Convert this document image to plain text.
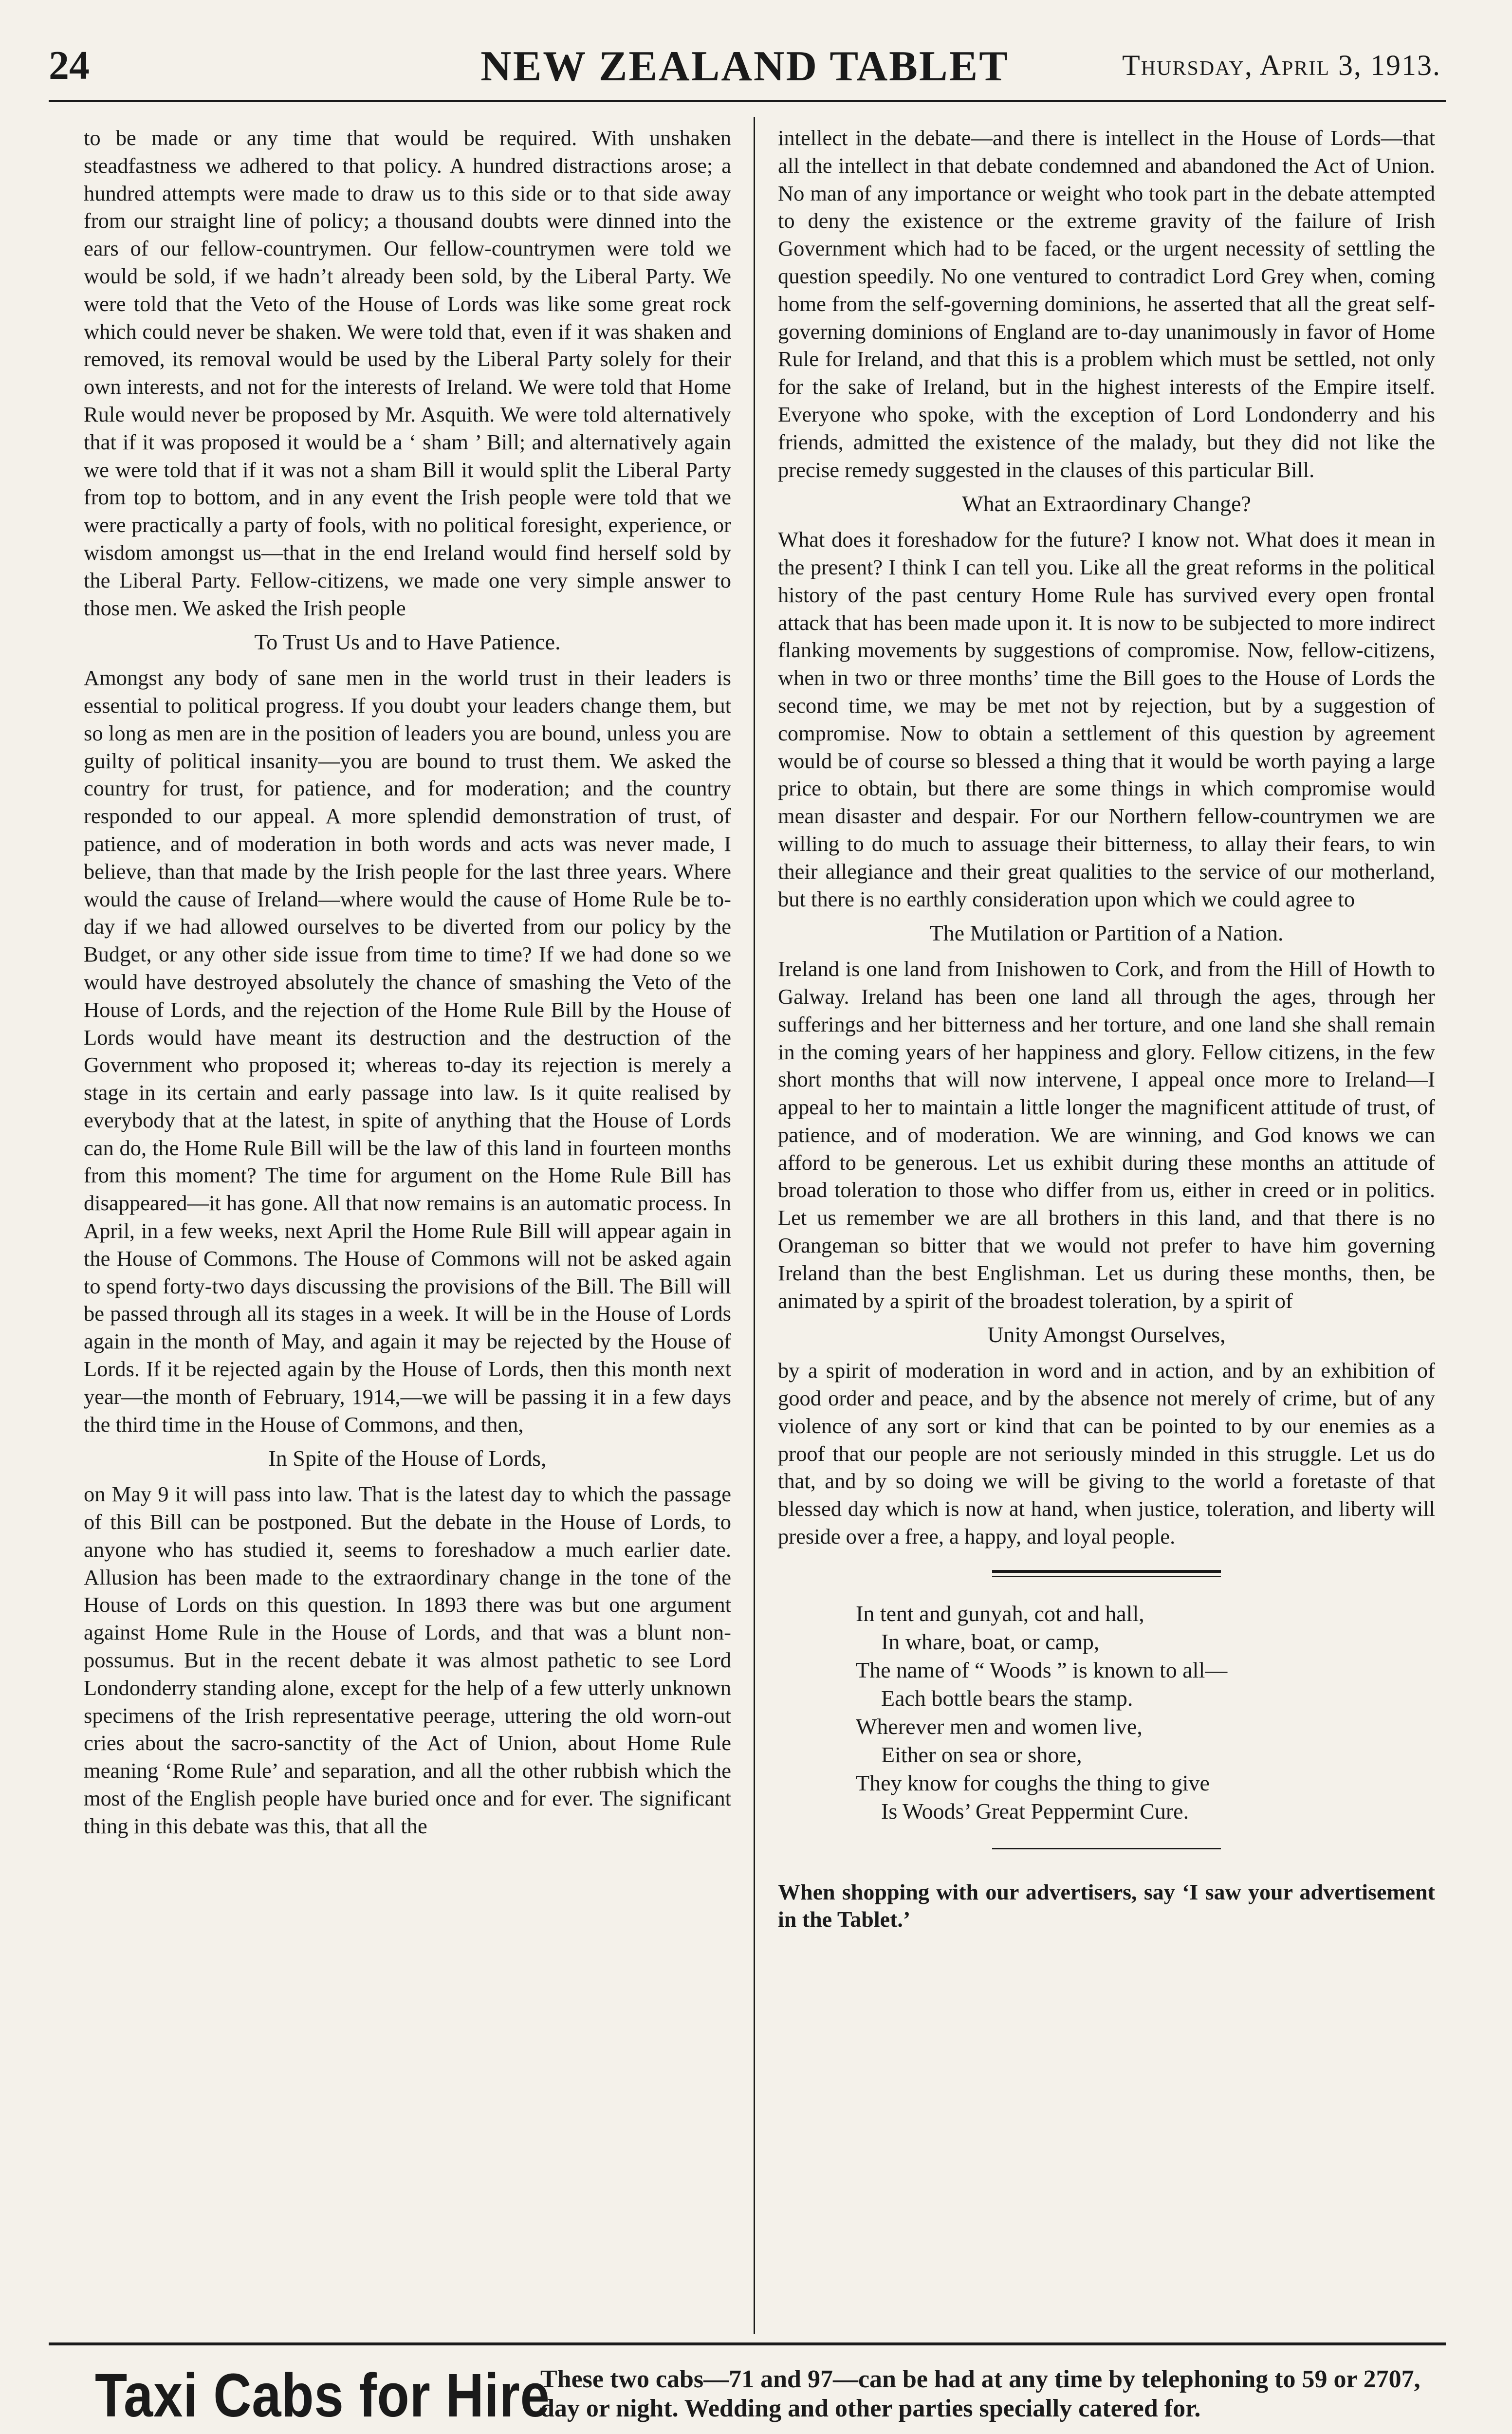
24	NEW ZEALAND TABLET	Thursday, April 3, 1913.

to be made or any time that would be required. With unshaken steadfastness we adhered to that policy. A hundred distractions arose; a hundred attempts were made to draw us to this side or to that side away from our straight line of policy; a thousand doubts were dinned into the ears of our fellow-countrymen. Our fellow-countrymen were told we would be sold, if we hadn’t already been sold, by the Liberal Party. We were told that the Veto of the House of Lords was like some great rock which could never be shaken. We were told that, even if it was shaken and removed, its removal would be used by the Liberal Party solely for their own interests, and not for the interests of Ireland. We were told that Home Rule would never be proposed by Mr. Asquith. We were told alternatively that if it was proposed it would be a ‘ sham ’ Bill; and alternatively again we were told that if it was not a sham Bill it would split the Liberal Party from top to bottom, and in any event the Irish people were told that we were practically a party of fools, with no political foresight, experience, or wisdom amongst us—that in the end Ireland would find herself sold by the Liberal Party. Fellow-citizens, we made one very simple answer to those men. We asked the Irish people

To Trust Us and to Have Patience.

Amongst any body of sane men in the world trust in their leaders is essential to political progress. If you doubt your leaders change them, but so long as men are in the position of leaders you are bound, unless you are guilty of political insanity—you are bound to trust them. We asked the country for trust, for patience, and for moderation; and the country responded to our appeal. A more splendid demonstration of trust, of patience, and of moderation in both words and acts was never made, I believe, than that made by the Irish people for the last three years. Where would the cause of Ireland—where would the cause of Home Rule be to-day if we had allowed ourselves to be diverted from our policy by the Budget, or any other side issue from time to time? If we had done so we would have destroyed absolutely the chance of smashing the Veto of the House of Lords, and the rejection of the Home Rule Bill by the House of Lords would have meant its destruction and the destruction of the Government who proposed it; whereas to-day its rejection is merely a stage in its certain and early passage into law. Is it quite realised by everybody that at the latest, in spite of anything that the House of Lords can do, the Home Rule Bill will be the law of this land in fourteen months from this moment? The time for argument on the Home Rule Bill has disappeared—it has gone. All that now remains is an automatic process. In April, in a few weeks, next April the Home Rule Bill will appear again in the House of Commons. The House of Commons will not be asked again to spend forty-two days discussing the provisions of the Bill. The Bill will be passed through all its stages in a week. It will be in the House of Lords again in the month of May, and again it may be rejected by the House of Lords. If it be rejected again by the House of Lords, then this month next year—the month of February, 1914,—we will be passing it in a few days the third time in the House of Commons, and then,

In Spite of the House of Lords,

on May 9 it will pass into law. That is the latest day to which the passage of this Bill can be postponed. But the debate in the House of Lords, to anyone who has studied it, seems to foreshadow a much earlier date. Allusion has been made to the extraordinary change in the tone of the House of Lords on this question. In 1893 there was but one argument against Home Rule in the House of Lords, and that was a blunt non-possumus. But in the recent debate it was almost pathetic to see Lord Londonderry standing alone, except for the help of a few utterly unknown specimens of the Irish representative peerage, uttering the old worn-out cries about the sacro-sanctity of the Act of Union, about Home Rule meaning ‘Rome Rule’ and separation, and all the other rubbish which the most of the English people have buried once and for ever. The significant thing in this debate was this, that all the

intellect in the debate—and there is intellect in the House of Lords—that all the intellect in that debate condemned and abandoned the Act of Union. No man of any importance or weight who took part in the debate attempted to deny the existence or the extreme gravity of the failure of Irish Government which had to be faced, or the urgent necessity of settling the question speedily. No one ventured to contradict Lord Grey when, coming home from the self-governing dominions, he asserted that all the great self-governing dominions of England are to-day unanimously in favor of Home Rule for Ireland, and that this is a problem which must be settled, not only for the sake of Ireland, but in the highest interests of the Empire itself. Everyone who spoke, with the exception of Lord Londonderry and his friends, admitted the existence of the malady, but they did not like the precise remedy suggested in the clauses of this particular Bill.

What an Extraordinary Change?

What does it foreshadow for the future? I know not. What does it mean in the present? I think I can tell you. Like all the great reforms in the political history of the past century Home Rule has survived every open frontal attack that has been made upon it. It is now to be subjected to more indirect flanking movements by suggestions of compromise. Now, fellow-citizens, when in two or three months’ time the Bill goes to the House of Lords the second time, we may be met not by rejection, but by a suggestion of compromise. Now to obtain a settlement of this question by agreement would be of course so blessed a thing that it would be worth paying a large price to obtain, but there are some things in which compromise would mean disaster and despair. For our Northern fellow-countrymen we are willing to do much to assuage their bitterness, to allay their fears, to win their allegiance and their great qualities to the service of our motherland, but there is no earthly consideration upon which we could agree to

The Mutilation or Partition of a Nation.

Ireland is one land from Inishowen to Cork, and from the Hill of Howth to Galway. Ireland has been one land all through the ages, through her sufferings and her bitterness and her torture, and one land she shall remain in the coming years of her happiness and glory. Fellow citizens, in the few short months that will now intervene, I appeal once more to Ireland—I appeal to her to maintain a little longer the magnificent attitude of trust, of patience, and of moderation. We are winning, and God knows we can afford to be generous. Let us exhibit during these months an attitude of broad toleration to those who differ from us, either in creed or in politics. Let us remember we are all brothers in this land, and that there is no Orangeman so bitter that we would not prefer to have him governing Ireland than the best Englishman. Let us during these months, then, be animated by a spirit of the broadest toleration, by a spirit of

Unity Amongst Ourselves,

by a spirit of moderation in word and in action, and by an exhibition of good order and peace, and by the absence not merely of crime, but of any violence of any sort or kind that can be pointed to by our enemies as a proof that our people are not seriously minded in this struggle. Let us do that, and by so doing we will be giving to the world a foretaste of that blessed day which is now at hand, when justice, toleration, and liberty will preside over a free, a happy, and loyal people.

In tent and gunyah, cot and hall,
In whare, boat, or camp,
The name of “ Woods ” is known to all—
Each bottle bears the stamp.
Wherever men and women live,
Either on sea or shore,
They know for coughs the thing to give
Is Woods’ Great Peppermint Cure.

When shopping with our advertisers, say ‘I saw your advertisement in the Tablet.’

Taxi Cabs for Hire
These two cabs—71 and 97—can be had at any time by telephoning to 59 or 2707, day or night. Wedding and other parties specially catered for.
